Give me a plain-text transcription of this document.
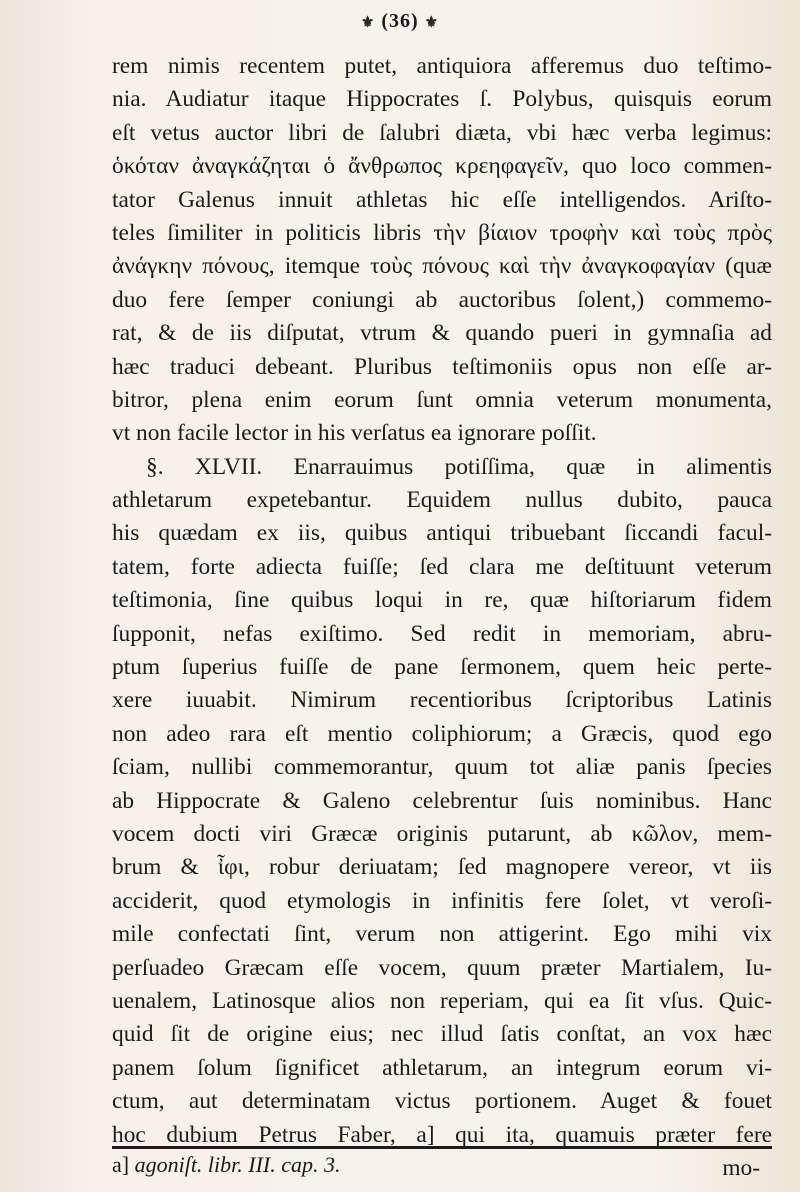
⚜ (36) ⚜
rem nimis recentem putet, antiquiora afferemus duo teſtimo-
nia. Audiatur itaque Hippocrates ſ. Polybus, quisquis eorum
eſt vetus auctor libri de ſalubri diæta, vbi hæc verba legimus:
ὁκόταν ἀναγκάζηται ὁ ἄνθρωπος κρεηφαγεῖν, quo loco commen-
tator Galenus innuit athletas hic eſſe intelligendos. Ariſto-
teles ſimiliter in politicis libris τὴν βίαιον τροφὴν καὶ τοὺς πρὸς
ἀνάγκην πόνους, itemque τοὺς πόνους καὶ τὴν ἀναγκοφαγίαν (quæ
duo fere ſemper coniungi ab auctoribus ſolent,) commemo-
rat, & de iis diſputat, vtrum & quando pueri in gymnaſia ad
hæc traduci debeant. Pluribus teſtimoniis opus non eſſe ar-
bitror, plena enim eorum ſunt omnia veterum monumenta,
vt non facile lector in his verſatus ea ignorare poſſit.
§. XLVII. Enarrauimus potiſſima, quæ in alimentis
athletarum expetebantur. Equidem nullus dubito, pauca
his quædam ex iis, quibus antiqui tribuebant ſiccandi facul-
tatem, forte adiecta fuiſſe; ſed clara me deſtituunt veterum
teſtimonia, ſine quibus loqui in re, quæ hiſtoriarum fidem
ſupponit, nefas exiſtimo. Sed redit in memoriam, abru-
ptum ſuperius fuiſſe de pane ſermonem, quem heic perte-
xere iuuabit. Nimirum recentioribus ſcriptoribus Latinis
non adeo rara eſt mentio coliphiorum; a Græcis, quod ego
ſciam, nullibi commemorantur, quum tot aliæ panis ſpecies
ab Hippocrate & Galeno celebrentur ſuis nominibus. Hanc
vocem docti viri Græcæ originis putarunt, ab κῶλον, mem-
brum & ἶφι, robur deriuatam; ſed magnopere vereor, vt iis
acciderit, quod etymologis in infinitis fere ſolet, vt veroſi-
mile confectati ſint, verum non attigerint. Ego mihi vix
perſuadeo Græcam eſſe vocem, quum præter Martialem, Iu-
uenalem, Latinosque alios non reperiam, qui ea ſit vſus. Quic-
quid ſit de origine eius; nec illud ſatis conſtat, an vox hæc
panem ſolum ſignificet athletarum, an integrum eorum vi-
ctum, aut determinatam victus portionem. Auget & fouet
hoc dubium Petrus Faber, a] qui ita, quamuis præter fere
mo-
a] agoniſt. libr. III. cap. 3.
